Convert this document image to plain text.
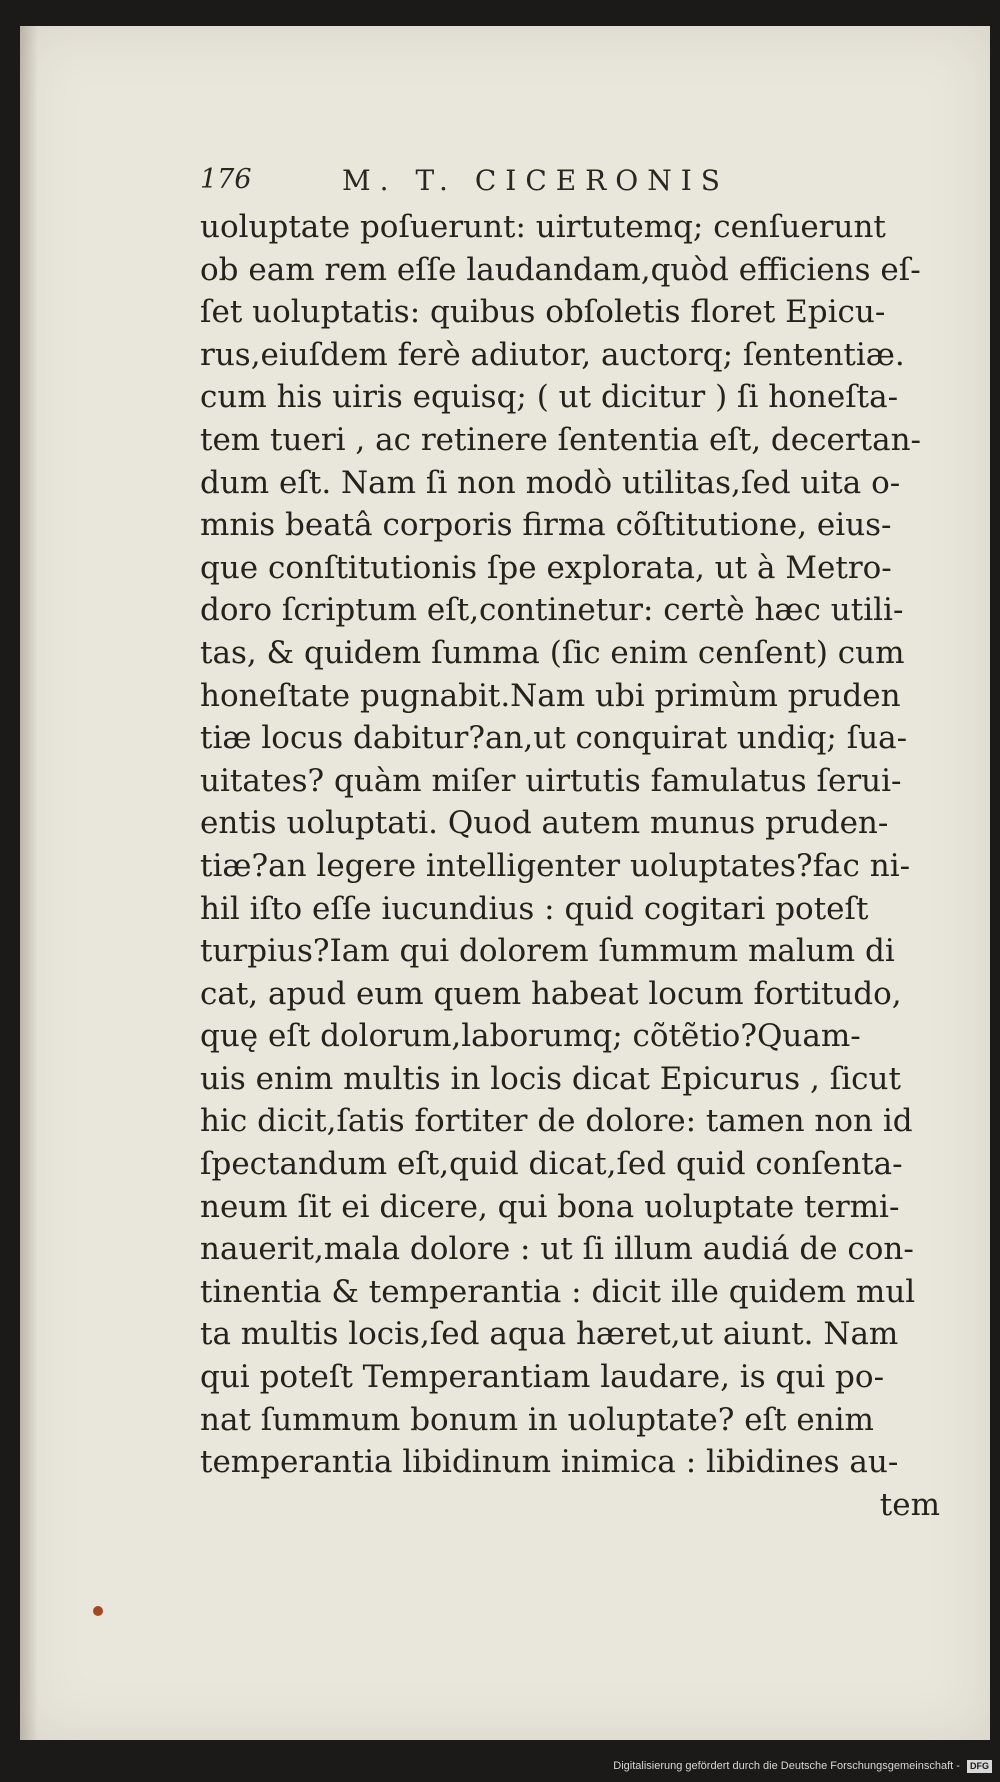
176	M. T. CICERONIS
uoluptate poſuerunt: uirtutemq; cenſuerunt
ob eam rem eſſe laudandam,quòd efficiens eſ-
ſet uoluptatis: quibus obſoletis floret Epicu-
rus,eiuſdem ferè adiutor, auctorq; ſententiæ.
cum his uiris equisq; ( ut dicitur ) ſi honeſta-
tem tueri , ac retinere ſententia eſt, decertan-
dum eſt. Nam ſi non modò utilitas,ſed uita o-
mnis beatâ corporis firma cõſtitutione, eius-
que conſtitutionis ſpe explorata, ut à Metro-
doro ſcriptum eſt,continetur: certè hæc utili-
tas, & quidem ſumma (ſic enim cenſent) cum
honeſtate pugnabit.Nam ubi primùm pruden
tiæ locus dabitur?an,ut conquirat undiq; ſua-
uitates? quàm miſer uirtutis famulatus ſerui-
entis uoluptati. Quod autem munus pruden-
tiæ?an legere intelligenter uoluptates?fac ni-
hil iſto eſſe iucundius : quid cogitari poteſt
turpius?Iam qui dolorem ſummum malum di
cat, apud eum quem habeat locum fortitudo,
quę eſt dolorum,laborumq; cõtẽtio?Quam-
uis enim multis in locis dicat Epicurus , ſicut
hic dicit,ſatis fortiter de dolore: tamen non id
ſpectandum eſt,quid dicat,ſed quid conſenta-
neum ſit ei dicere, qui bona uoluptate termi-
nauerit,mala dolore : ut ſi illum audiá de con-
tinentia & temperantia : dicit ille quidem mul
ta multis locis,ſed aqua hæret,ut aiunt. Nam
qui poteſt Temperantiam laudare, is qui po-
nat ſummum bonum in uoluptate? eſt enim
temperantia libidinum inimica : libidines au-
tem
Digitalisierung gefördert durch die Deutsche Forschungsgemeinschaft - DFG
